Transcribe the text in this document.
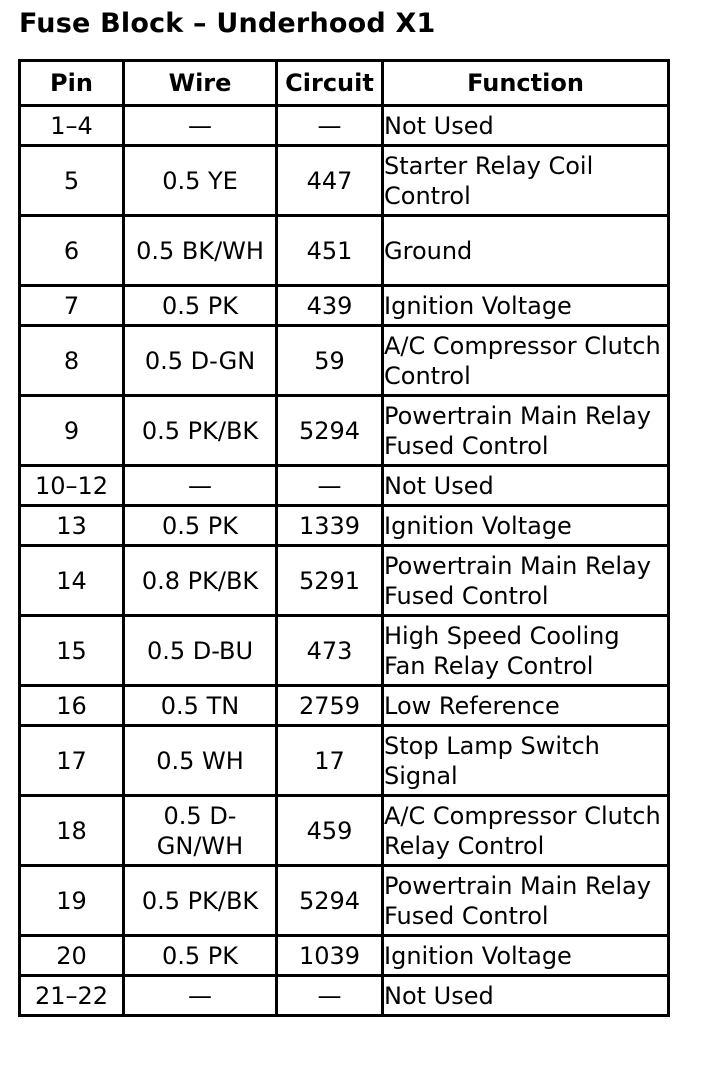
Fuse Block – Underhood X1
Pin	Wire	Circuit	Function
1–4	—	—	Not Used
5	0.5 YE	447	Starter Relay Coil Control
6	0.5 BK/WH	451	Ground
7	0.5 PK	439	Ignition Voltage
8	0.5 D-GN	59	A/C Compressor Clutch Control
9	0.5 PK/BK	5294	Powertrain Main Relay Fused Control
10–12	—	—	Not Used
13	0.5 PK	1339	Ignition Voltage
14	0.8 PK/BK	5291	Powertrain Main Relay Fused Control
15	0.5 D-BU	473	High Speed Cooling Fan Relay Control
16	0.5 TN	2759	Low Reference
17	0.5 WH	17	Stop Lamp Switch Signal
18	0.5 D-GN/WH	459	A/C Compressor Clutch Relay Control
19	0.5 PK/BK	5294	Powertrain Main Relay Fused Control
20	0.5 PK	1039	Ignition Voltage
21–22	—	—	Not Used
